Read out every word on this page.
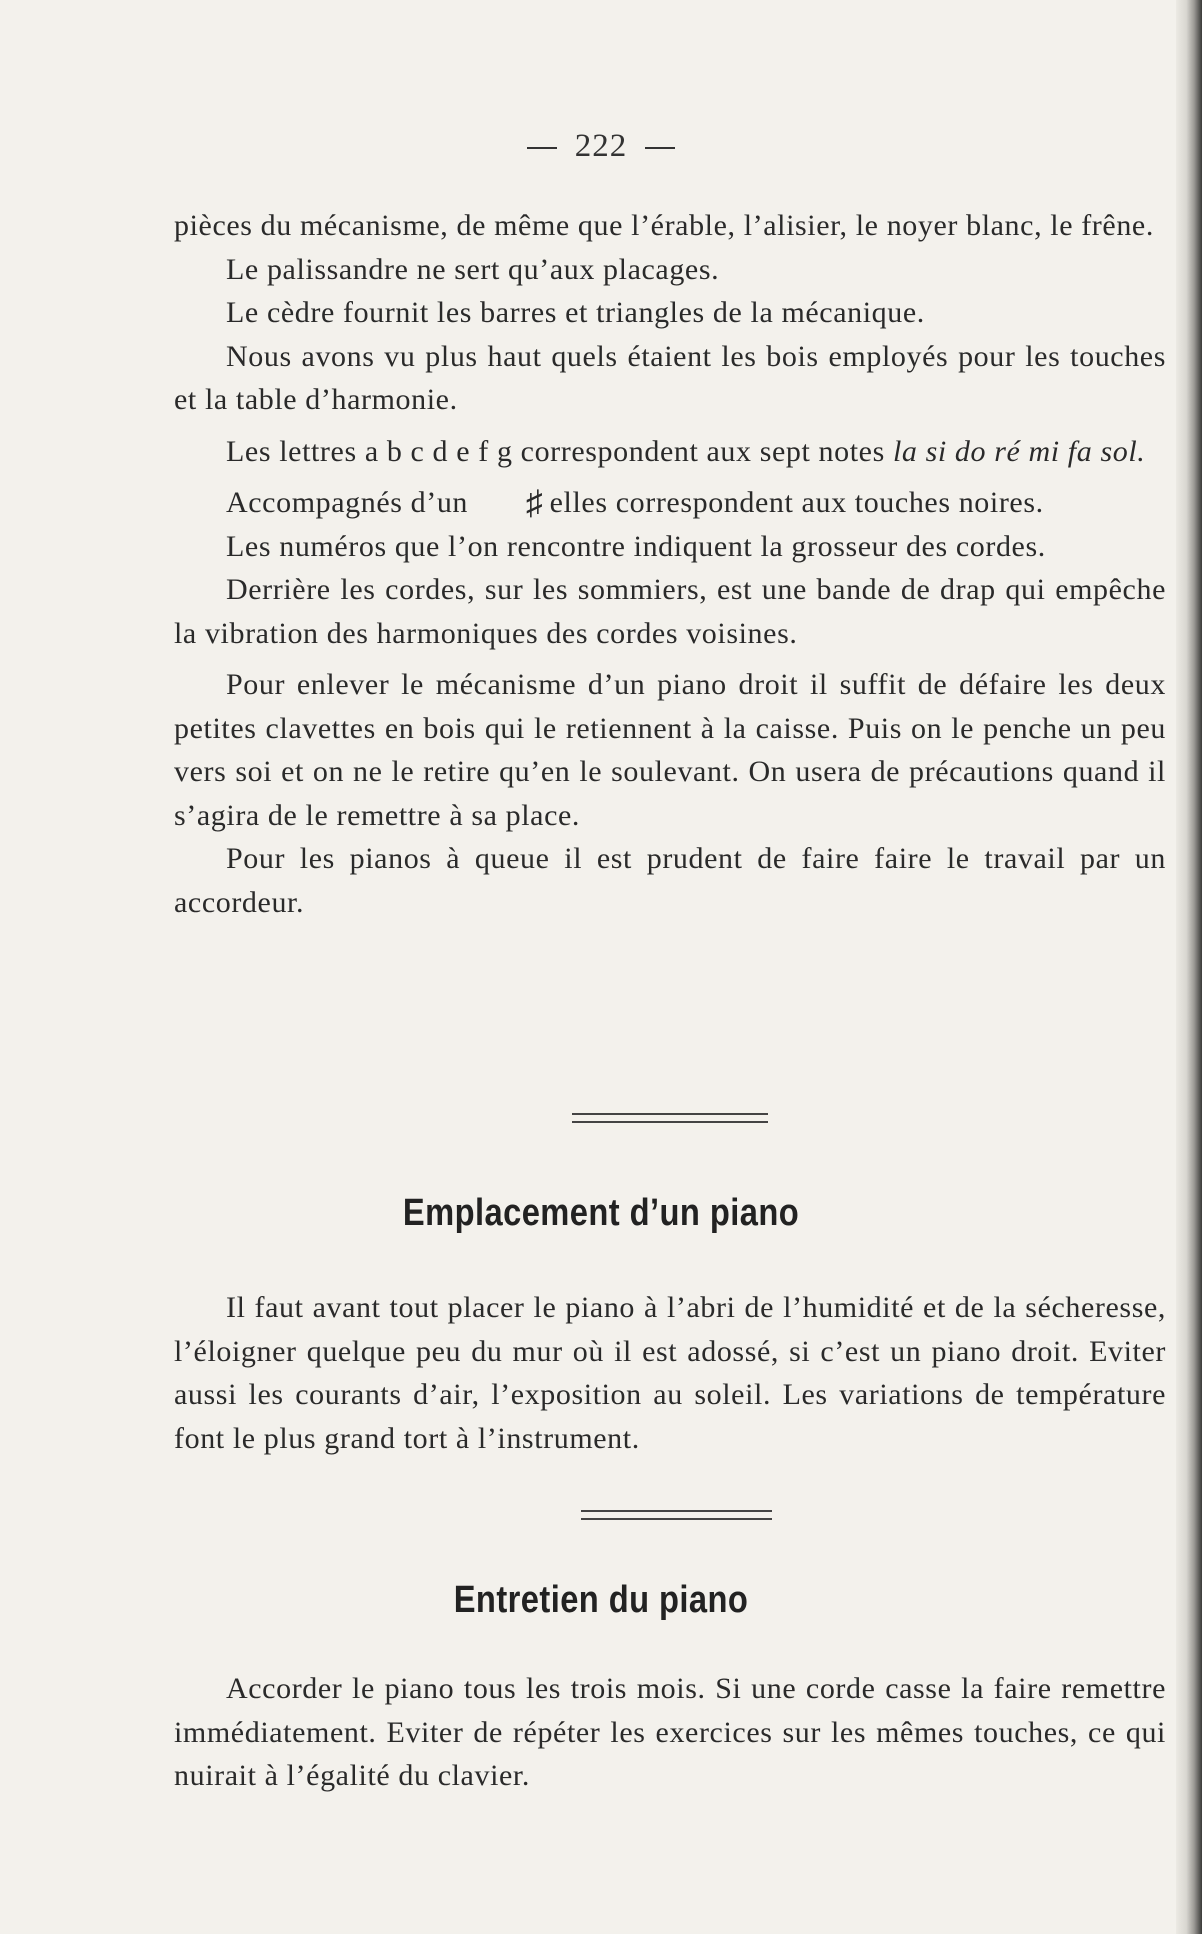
222

pièces du mécanisme, de même que l’érable, l’alisier, le noyer blanc, le frêne.

Le palissandre ne sert qu’aux placages.

Le cèdre fournit les barres et triangles de la mécanique.

Nous avons vu plus haut quels étaient les bois employés pour les touches et la table d’harmonie.

Les lettres a b c d e f g correspondent aux sept notes la si do ré mi fa sol.

Accompagnés d’un ♯ elles correspondent aux touches noires.

Les numéros que l’on rencontre indiquent la grosseur des cordes.

Derrière les cordes, sur les sommiers, est une bande de drap qui empêche la vibration des harmoniques des cordes voisines.

Pour enlever le mécanisme d’un piano droit il suffit de défaire les deux petites clavettes en bois qui le retiennent à la caisse. Puis on le penche un peu vers soi et on ne le retire qu’en le soulevant. On usera de précautions quand il s’agira de le remettre à sa place.

Pour les pianos à queue il est prudent de faire faire le travail par un accordeur.

Emplacement d’un piano

Il faut avant tout placer le piano à l’abri de l’humidité et de la sécheresse, l’éloigner quelque peu du mur où il est adossé, si c’est un piano droit. Eviter aussi les courants d’air, l’exposition au soleil. Les variations de température font le plus grand tort à l’instrument.

Entretien du piano

Accorder le piano tous les trois mois. Si une corde casse la faire remettre immédiatement. Eviter de répéter les exercices sur les mêmes touches, ce qui nuirait à l’égalité du clavier.
